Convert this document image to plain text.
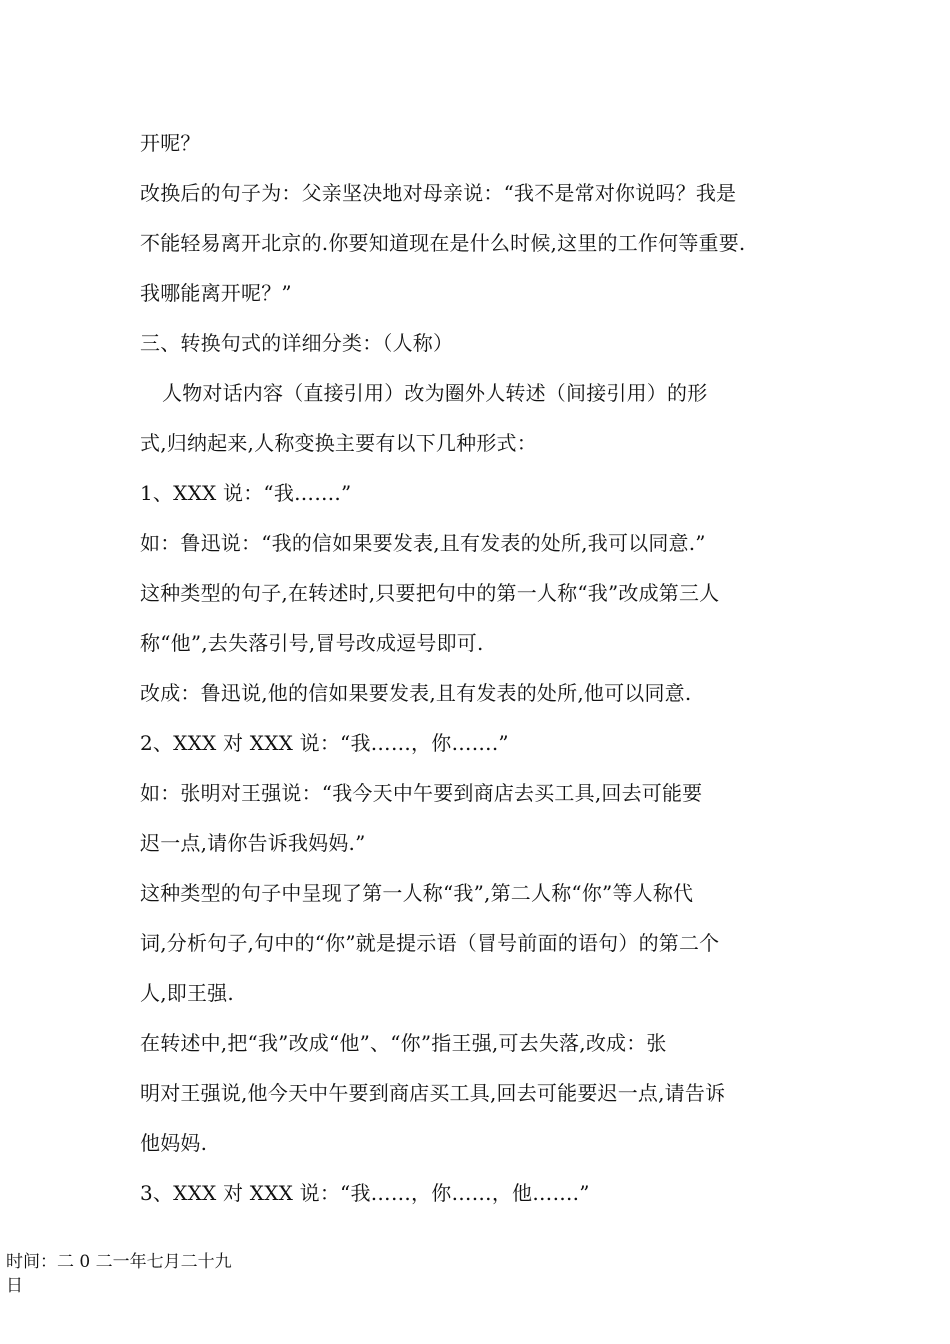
开呢？
改换后的句子为：父亲坚决地对母亲说：“我不是常对你说吗？我是
不能轻易离开北京的.你要知道现在是什么时候,这里的工作何等重要.
我哪能离开呢？”
三、转换句式的详细分类：（人称）
人物对话内容（直接引用）改为圈外人转述（间接引用）的形
式,归纳起来,人称变换主要有以下几种形式：
1、XXX 说：“我…….”
如：鲁迅说：“我的信如果要发表,且有发表的处所,我可以同意.”
这种类型的句子,在转述时,只要把句中的第一人称“我”改成第三人
称“他”,去失落引号,冒号改成逗号即可.
改成：鲁迅说,他的信如果要发表,且有发表的处所,他可以同意.
2、XXX 对 XXX 说：“我……，你…….”
如：张明对王强说：“我今天中午要到商店去买工具,回去可能要
迟一点,请你告诉我妈妈.”
这种类型的句子中呈现了第一人称“我”,第二人称“你”等人称代
词,分析句子,句中的“你”就是提示语（冒号前面的语句）的第二个
人,即王强.
在转述中,把“我”改成“他”、“你”指王强,可去失落,改成：张
明对王强说,他今天中午要到商店买工具,回去可能要迟一点,请告诉
他妈妈.
3、XXX 对 XXX 说：“我……，你……，他…….”
时间：二 0 二一年七月二十九
日
